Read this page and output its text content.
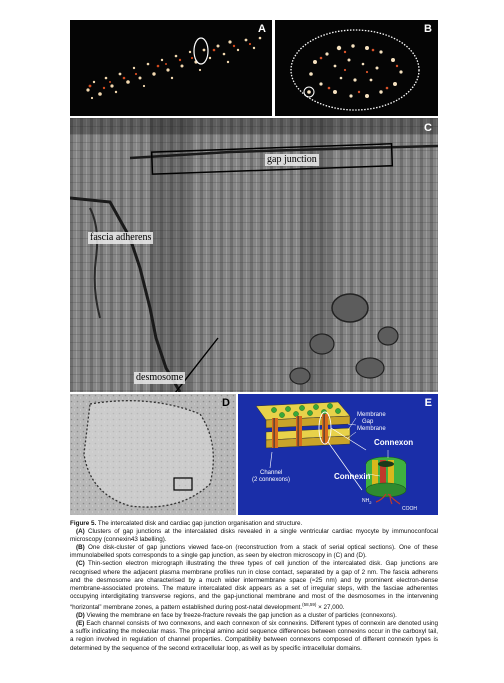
A	B
gap junction
fascia adherens
desmosome
C
D
Membrane
Gap
Membrane
Channel
(2 connexons)
Connexon
Connexin
$NH_2$
COOH
E

Figure 5. The intercalated disk and cardiac gap junction organisation and structure.

(A) Clusters of gap junctions at the intercalated disks revealed in a single ventricular cardiac myocyte by immunoconfocal microscopy (connexin43 labelling).

(B) One disk-cluster of gap junctions viewed face-on (reconstruction from a stack of serial optical sections). One of these immunolabelled spots corresponds to a single gap junction, as seen by electron microscopy in (C) and (D).

(C) Thin-section electron micrograph illustrating the three types of cell junction of the intercalated disk. Gap junctions are recognised where the adjacent plasma membrane profiles run in close contact, separated by a gap of 2 nm. The fascia adherens and the desmosome are characterised by a much wider intermembrane space (≈25 nm) and by prominent electron-dense membrane-associated proteins. The mature intercalated disk appears as a set of irregular steps, with the fasciae adherentes occupying interdigitating transverse regions, and the gap-junctional membrane and most of the desmosomes in the intervening “horizontal” membrane zones, a pattern established during post-natal development.$^{(58,59)}$ × 27,000.

(D) Viewing the membrane en face by freeze-fracture reveals the gap junction as a cluster of particles (connexons).

(E) Each channel consists of two connexons, and each connexon of six connexins. Different types of connexin are denoted using a suffix indicating the molecular mass. The principal amino acid sequence differences between connexins occur in the carboxyl tail, a region involved in regulation of channel properties. Compatibility between connexons composed of different connexin types is determined by the sequence of the second extracellular loop, as well as by specific intracellular domains.
